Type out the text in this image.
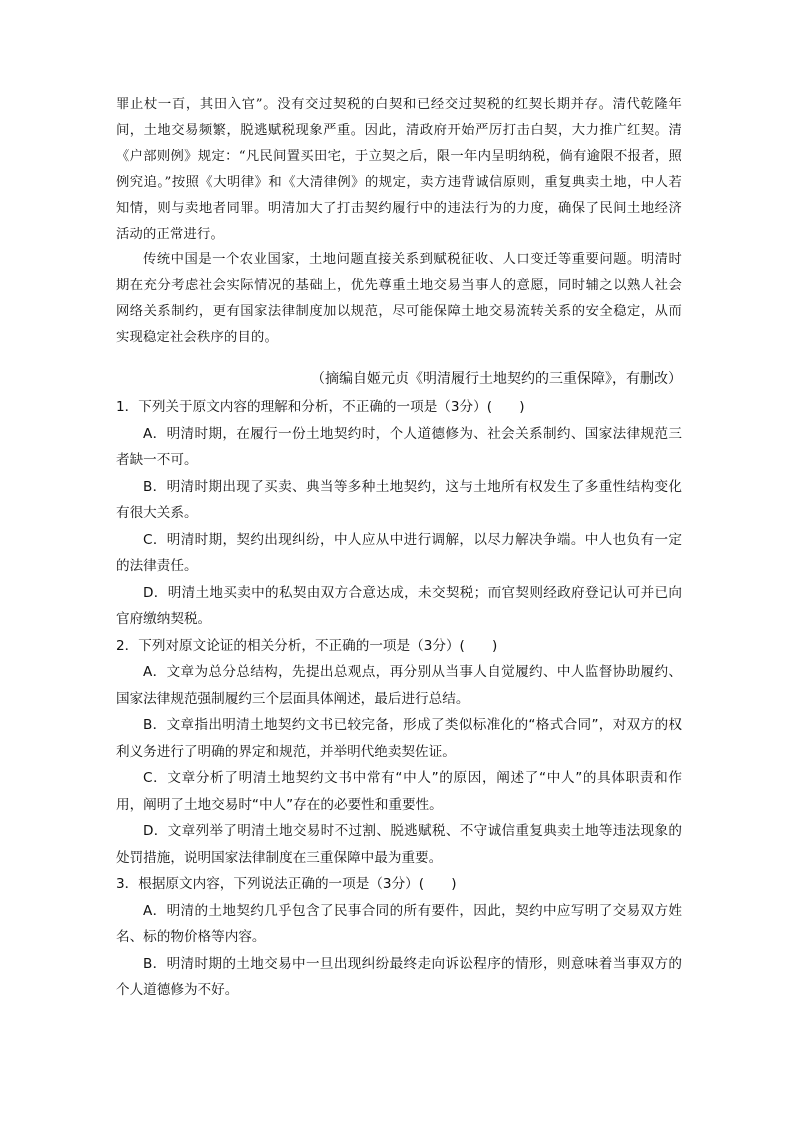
罪止杖一百，其田入官”。没有交过契税的白契和已经交过契税的红契长期并存。清代乾隆年间，土地交易频繁，脱逃赋税现象严重。因此，清政府开始严厉打击白契，大力推广红契。清《户部则例》规定：“凡民间置买田宅，于立契之后，限一年内呈明纳税，倘有逾限不报者，照例究追。”按照《大明律》和《大清律例》的规定，卖方违背诚信原则，重复典卖土地，中人若知情，则与卖地者同罪。明清加大了打击契约履行中的违法行为的力度，确保了民间土地经济活动的正常进行。

传统中国是一个农业国家，土地问题直接关系到赋税征收、人口变迁等重要问题。明清时期在充分考虑社会实际情况的基础上，优先尊重土地交易当事人的意愿，同时辅之以熟人社会网络关系制约，更有国家法律制度加以规范，尽可能保障土地交易流转关系的安全稳定，从而实现稳定社会秩序的目的。

（摘编自姬元贞《明清履行土地契约的三重保障》，有删改）

1．下列关于原文内容的理解和分析，不正确的一项是（3分）(　　)

A．明清时期，在履行一份土地契约时，个人道德修为、社会关系制约、国家法律规范三者缺一不可。

B．明清时期出现了买卖、典当等多种土地契约，这与土地所有权发生了多重性结构变化有很大关系。

C．明清时期，契约出现纠纷，中人应从中进行调解，以尽力解决争端。中人也负有一定的法律责任。

D．明清土地买卖中的私契由双方合意达成，未交契税；而官契则经政府登记认可并已向官府缴纳契税。

2．下列对原文论证的相关分析，不正确的一项是（3分）(　　)

A．文章为总分总结构，先提出总观点，再分别从当事人自觉履约、中人监督协助履约、国家法律规范强制履约三个层面具体阐述，最后进行总结。

B．文章指出明清土地契约文书已较完备，形成了类似标准化的“格式合同”，对双方的权利义务进行了明确的界定和规范，并举明代绝卖契佐证。

C．文章分析了明清土地契约文书中常有“中人”的原因，阐述了“中人”的具体职责和作用，阐明了土地交易时“中人”存在的必要性和重要性。

D．文章列举了明清土地交易时不过割、脱逃赋税、不守诚信重复典卖土地等违法现象的处罚措施，说明国家法律制度在三重保障中最为重要。

3．根据原文内容，下列说法正确的一项是（3分）(　　)

A．明清的土地契约几乎包含了民事合同的所有要件，因此，契约中应写明了交易双方姓名、标的物价格等内容。

B．明清时期的土地交易中一旦出现纠纷最终走向诉讼程序的情形，则意味着当事双方的个人道德修为不好。
